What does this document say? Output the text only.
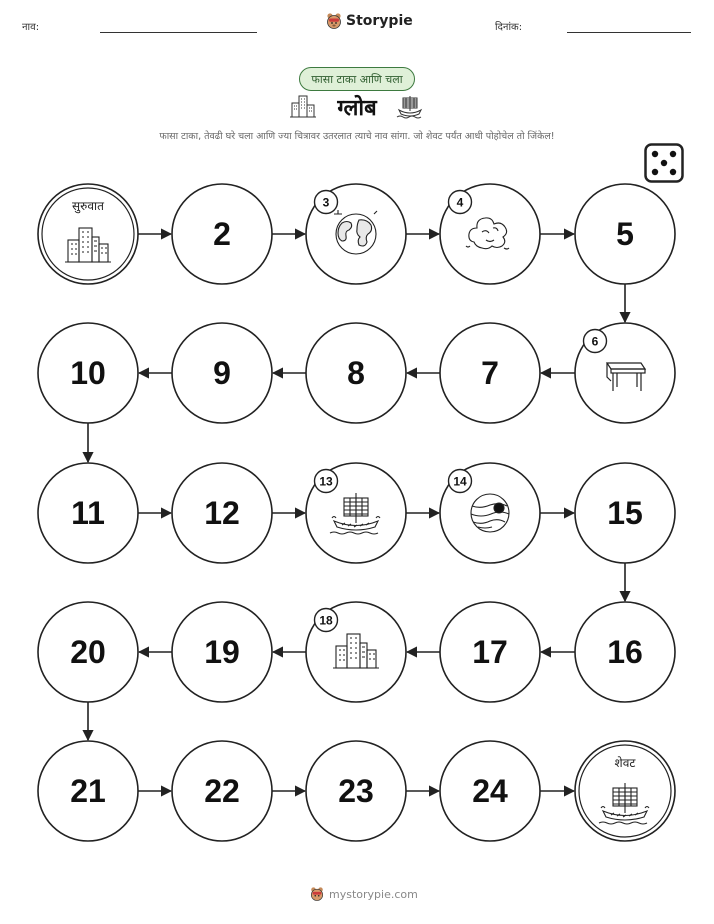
नाव:	Storypie	दिनांक:
फासा टाका आणि चला
ग्लोब
फासा टाका, तेवढी घरे चला आणि ज्या चित्रावर उतरलात त्याचे नाव सांगा. जो शेवट पर्यंत आधी पोहोचेल तो जिंकेल!
सुरुवात
2
3	4
5
6
7
8
9
10
11	12
13	14
15
16
17
18
19
20
21	22	23	24
शेवट
mystorypie.com
